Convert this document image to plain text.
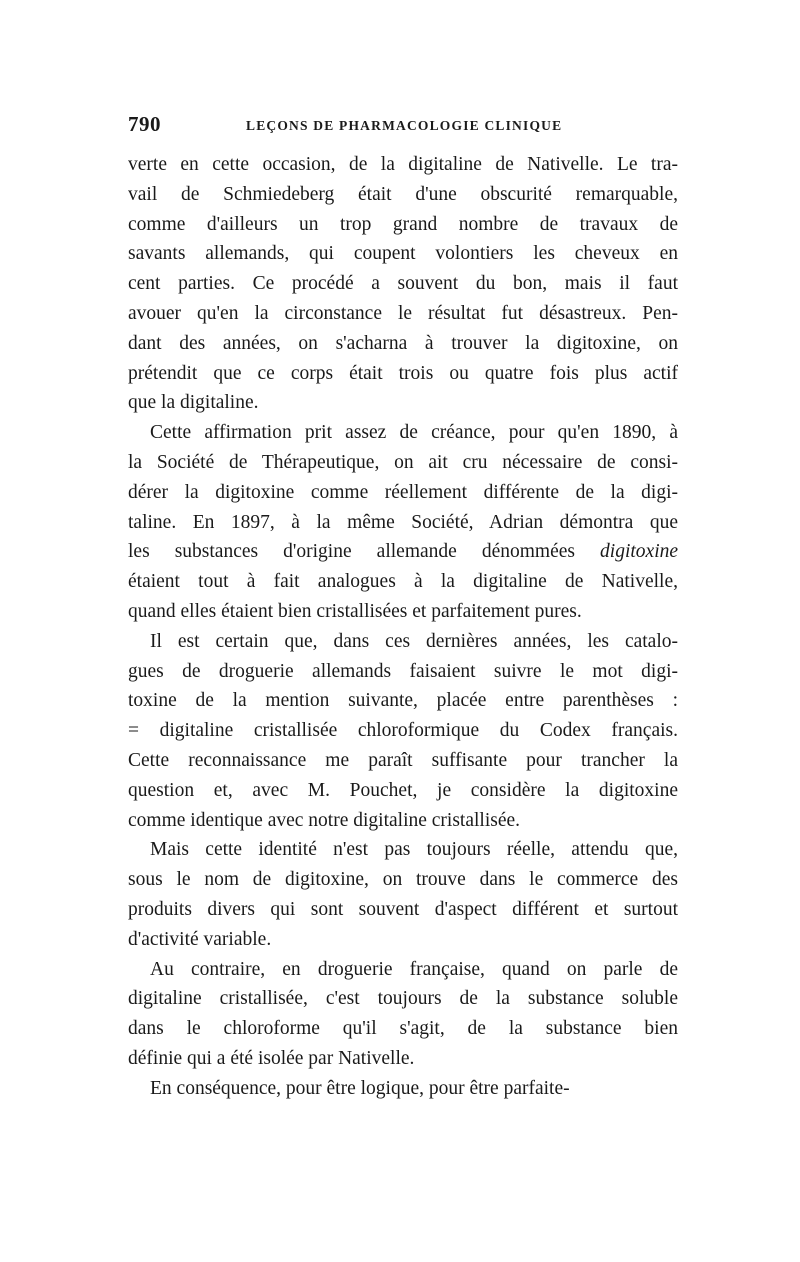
790	LEÇONS DE PHARMACOLOGIE CLINIQUE
verte en cette occasion, de la digitaline de Nativelle. Le tra-
vail de Schmiedeberg était d'une obscurité remarquable,
comme d'ailleurs un trop grand nombre de travaux de
savants allemands, qui coupent volontiers les cheveux en
cent parties. Ce procédé a souvent du bon, mais il faut
avouer qu'en la circonstance le résultat fut désastreux. Pen-
dant des années, on s'acharna à trouver la digitoxine, on
prétendit que ce corps était trois ou quatre fois plus actif
que la digitaline.
Cette affirmation prit assez de créance, pour qu'en 1890, à
la Société de Thérapeutique, on ait cru nécessaire de consi-
dérer la digitoxine comme réellement différente de la digi-
taline. En 1897, à la même Société, Adrian démontra que
les substances d'origine allemande dénommées digitoxine
étaient tout à fait analogues à la digitaline de Nativelle,
quand elles étaient bien cristallisées et parfaitement pures.
Il est certain que, dans ces dernières années, les catalo-
gues de droguerie allemands faisaient suivre le mot digi-
toxine de la mention suivante, placée entre parenthèses :
= digitaline cristallisée chloroformique du Codex français.
Cette reconnaissance me paraît suffisante pour trancher la
question et, avec M. Pouchet, je considère la digitoxine
comme identique avec notre digitaline cristallisée.
Mais cette identité n'est pas toujours réelle, attendu que,
sous le nom de digitoxine, on trouve dans le commerce des
produits divers qui sont souvent d'aspect différent et surtout
d'activité variable.
Au contraire, en droguerie française, quand on parle de
digitaline cristallisée, c'est toujours de la substance soluble
dans le chloroforme qu'il s'agit, de la substance bien
définie qui a été isolée par Nativelle.
En conséquence, pour être logique, pour être parfaite-
